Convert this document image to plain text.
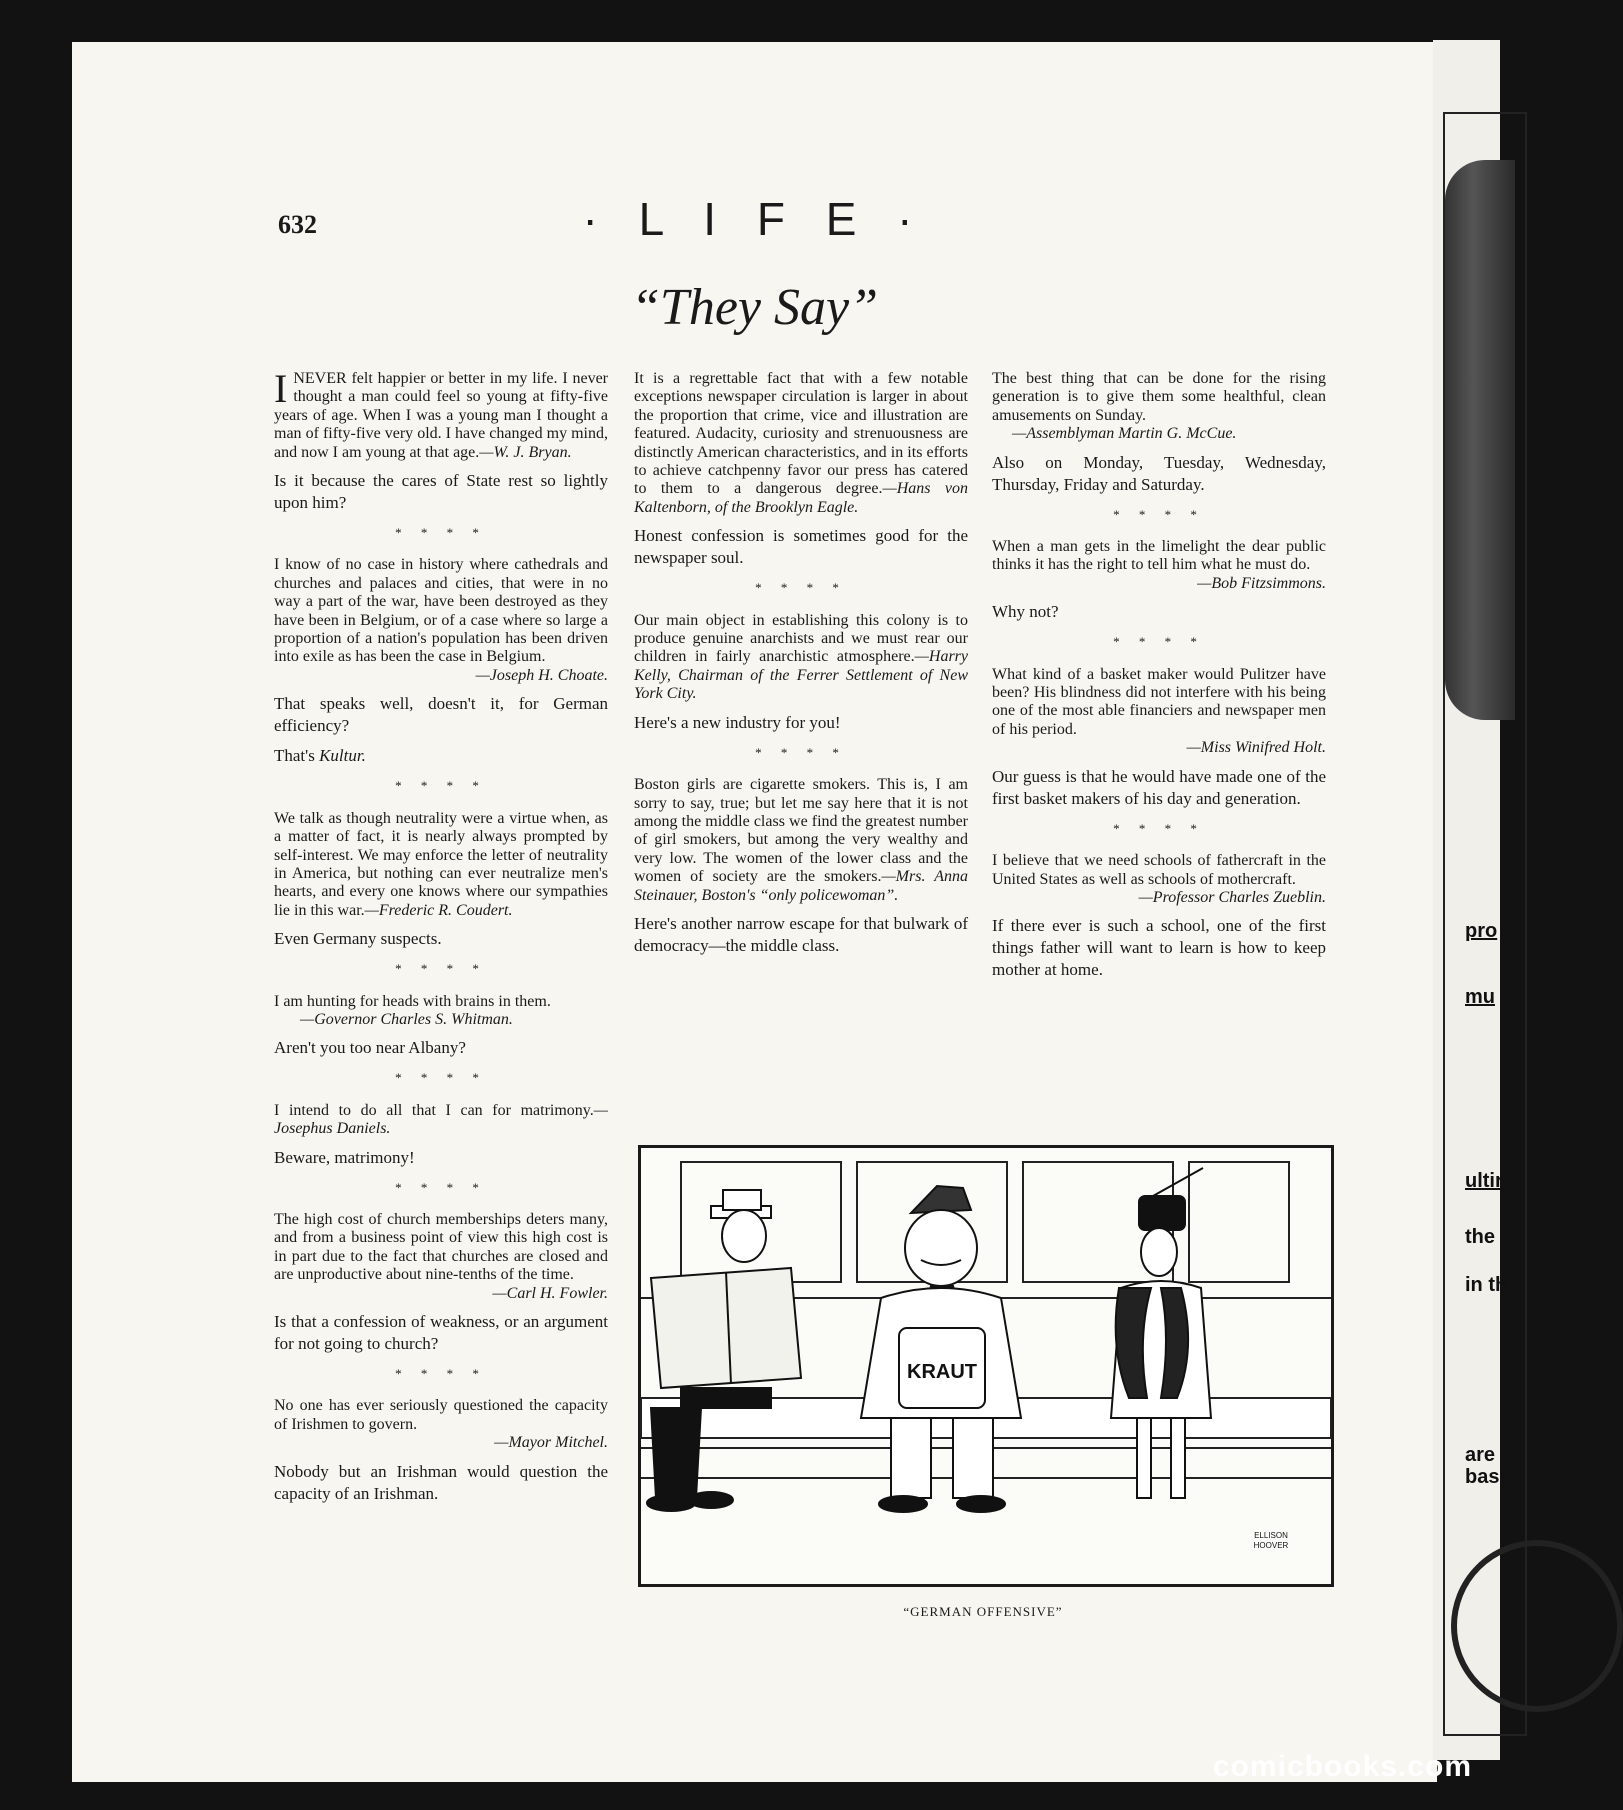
632	· L I F E ·
“They Say”

INEVER felt happier or better in my life. I never thought a man could feel so young at fifty-five years of age. When I was a young man I thought a man of fifty-five very old. I have changed my mind, and now I am young at that age.—W. J. Bryan.

Is it because the cares of State rest so lightly upon him?

* * * *

I know of no case in history where cathedrals and churches and palaces and cities, that were in no way a part of the war, have been destroyed as they have been in Belgium, or of a case where so large a proportion of a nation's population has been driven into exile as has been the case in Belgium.
—Joseph H. Choate.

That speaks well, doesn't it, for German efficiency?

That's Kultur.

* * * *

We talk as though neutrality were a virtue when, as a matter of fact, it is nearly always prompted by self-interest. We may enforce the letter of neutrality in America, but nothing can ever neutralize men's hearts, and every one knows where our sympathies lie in this war.—Frederic R. Coudert.

Even Germany suspects.

* * * *

I am hunting for heads with brains in them.
—Governor Charles S. Whitman.

Aren't you too near Albany?

* * * *

I intend to do all that I can for matrimony.—Josephus Daniels.

Beware, matrimony!

* * * *

The high cost of church memberships deters many, and from a business point of view this high cost is in part due to the fact that churches are closed and are unproductive about nine-tenths of the time.
—Carl H. Fowler.

Is that a confession of weakness, or an argument for not going to church?

* * * *

No one has ever seriously questioned the capacity of Irishmen to govern.
—Mayor Mitchel.

Nobody but an Irishman would question the capacity of an Irishman.

It is a regrettable fact that with a few notable exceptions newspaper circulation is larger in about the proportion that crime, vice and illustration are featured. Audacity, curiosity and strenuousness are distinctly American characteristics, and in its efforts to achieve catchpenny favor our press has catered to them to a dangerous degree.—Hans von Kaltenborn, of the Brooklyn Eagle.

Honest confession is sometimes good for the newspaper soul.

* * * *

Our main object in establishing this colony is to produce genuine anarchists and we must rear our children in fairly anarchistic atmosphere.—Harry Kelly, Chairman of the Ferrer Settlement of New York City.

Here's a new industry for you!

* * * *

Boston girls are cigarette smokers. This is, I am sorry to say, true; but let me say here that it is not among the middle class we find the greatest number of girl smokers, but among the very wealthy and very low. The women of the lower class and the women of society are the smokers.—Mrs. Anna Steinauer, Boston's “only policewoman”.

Here's another narrow escape for that bulwark of democracy—the middle class.

The best thing that can be done for the rising generation is to give them some healthful, clean amusements on Sunday.
—Assemblyman Martin G. McCue.

Also on Monday, Tuesday, Wednesday, Thursday, Friday and Saturday.

* * * *

When a man gets in the limelight the dear public thinks it has the right to tell him what he must do.
—Bob Fitzsimmons.

Why not?

* * * *

What kind of a basket maker would Pulitzer have been? His blindness did not interfere with his being one of the most able financiers and newspaper men of his period.
—Miss Winifred Holt.

Our guess is that he would have made one of the first basket makers of his day and generation.

* * * *

I believe that we need schools of fathercraft in the United States as well as schools of mothercraft.
—Professor Charles Zueblin.

If there ever is such a school, one of the first things father will want to learn is how to keep mother at home.

KRAUT
ELLISON
HOOVER
“GERMAN OFFENSIVE”
pro
mu
ultir
the
in th
are
basi
comicbooks.com
